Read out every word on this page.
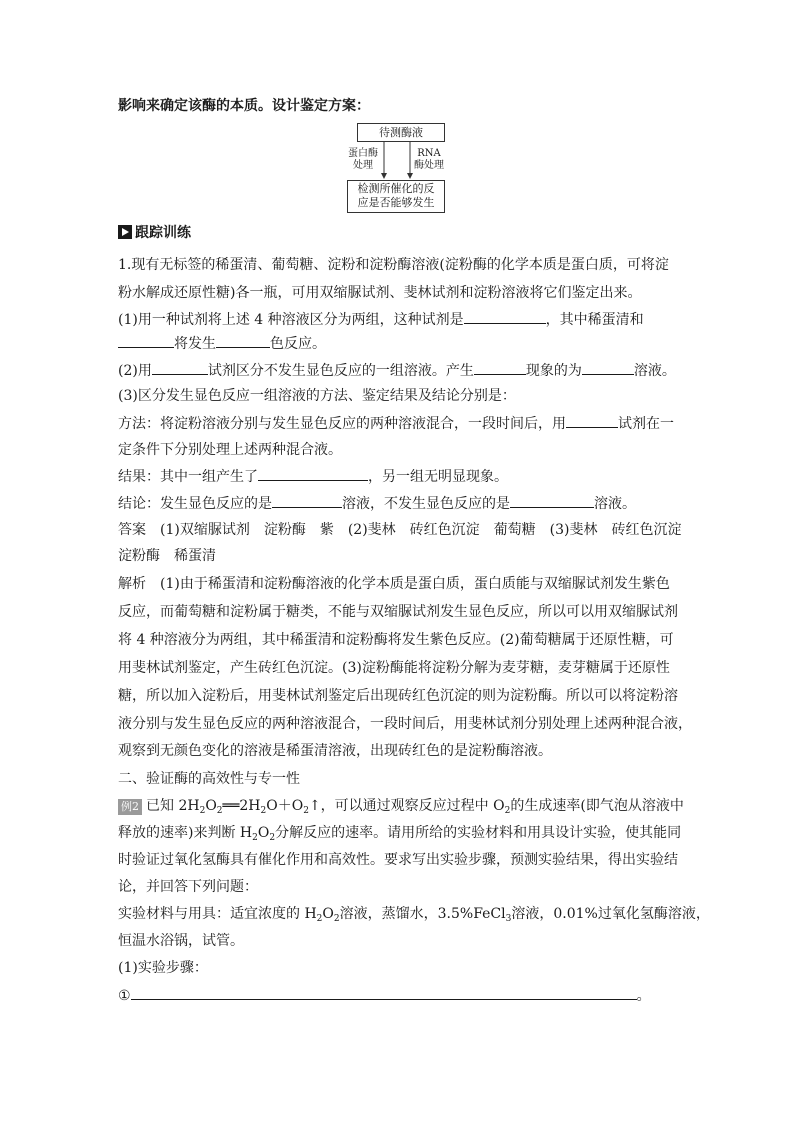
影响来确定该酶的本质。设计鉴定方案：
待测酶液
蛋白酶
处理
RNA
酶处理
检测所催化的反
应是否能够发生
跟踪训练
1.现有无标签的稀蛋清、葡萄糖、淀粉和淀粉酶溶液(淀粉酶的化学本质是蛋白质，可将淀
粉水解成还原性糖)各一瓶，可用双缩脲试剂、斐林试剂和淀粉溶液将它们鉴定出来。
(1)用一种试剂将上述 4 种溶液区分为两组，这种试剂是	，其中稀蛋清和
将发生	色反应。
(2)用	试剂区分不发生显色反应的一组溶液。产生	现象的为	溶液。
(3)区分发生显色反应一组溶液的方法、鉴定结果及结论分别是：
方法：将淀粉溶液分别与发生显色反应的两种溶液混合，一段时间后，用	试剂在一
定条件下分别处理上述两种混合液。
结果：其中一组产生了	，另一组无明显现象。
结论：发生显色反应的是	溶液，不发生显色反应的是	溶液。
答案　 (1)双缩脲试剂　淀粉酶　紫　(2)斐林　砖红色沉淀　葡萄糖　(3)斐林　砖红色沉淀
淀粉酶　稀蛋清
解析　 (1)由于稀蛋清和淀粉酶溶液的化学本质是蛋白质，蛋白质能与双缩脲试剂发生紫色
反应，而葡萄糖和淀粉属于糖类，不能与双缩脲试剂发生显色反应，所以可以用双缩脲试剂
将 4 种溶液分为两组，其中稀蛋清和淀粉酶将发生紫色反应。(2)葡萄糖属于还原性糖，可
用斐林试剂鉴定，产生砖红色沉淀。(3)淀粉酶能将淀粉分解为麦芽糖，麦芽糖属于还原性
糖，所以加入淀粉后，用斐林试剂鉴定后出现砖红色沉淀的则为淀粉酶。所以可以将淀粉溶
液分别与发生显色反应的两种溶液混合，一段时间后，用斐林试剂分别处理上述两种混合液，
观察到无颜色变化的溶液是稀蛋清溶液，出现砖红色的是淀粉酶溶液。
二、验证酶的高效性与专一性
例2 已知 $2H_2O_2══2H_2O+O_2↑$，可以通过观察反应过程中 $O_2$的生成速率(即气泡从溶液中
释放的速率)来判断 $H_2O_2$分解反应的速率。请用所给的实验材料和用具设计实验，使其能同
时验证过氧化氢酶具有催化作用和高效性。要求写出实验步骤，预测实验结果，得出实验结
论，并回答下列问题：
实验材料与用具：适宜浓度的 $H_2O_2$溶液，蒸馏水，3.5%FeCl$_3$溶液，0.01%过氧化氢酶溶液，
恒温水浴锅，试管。
(1)实验步骤：
①	。
